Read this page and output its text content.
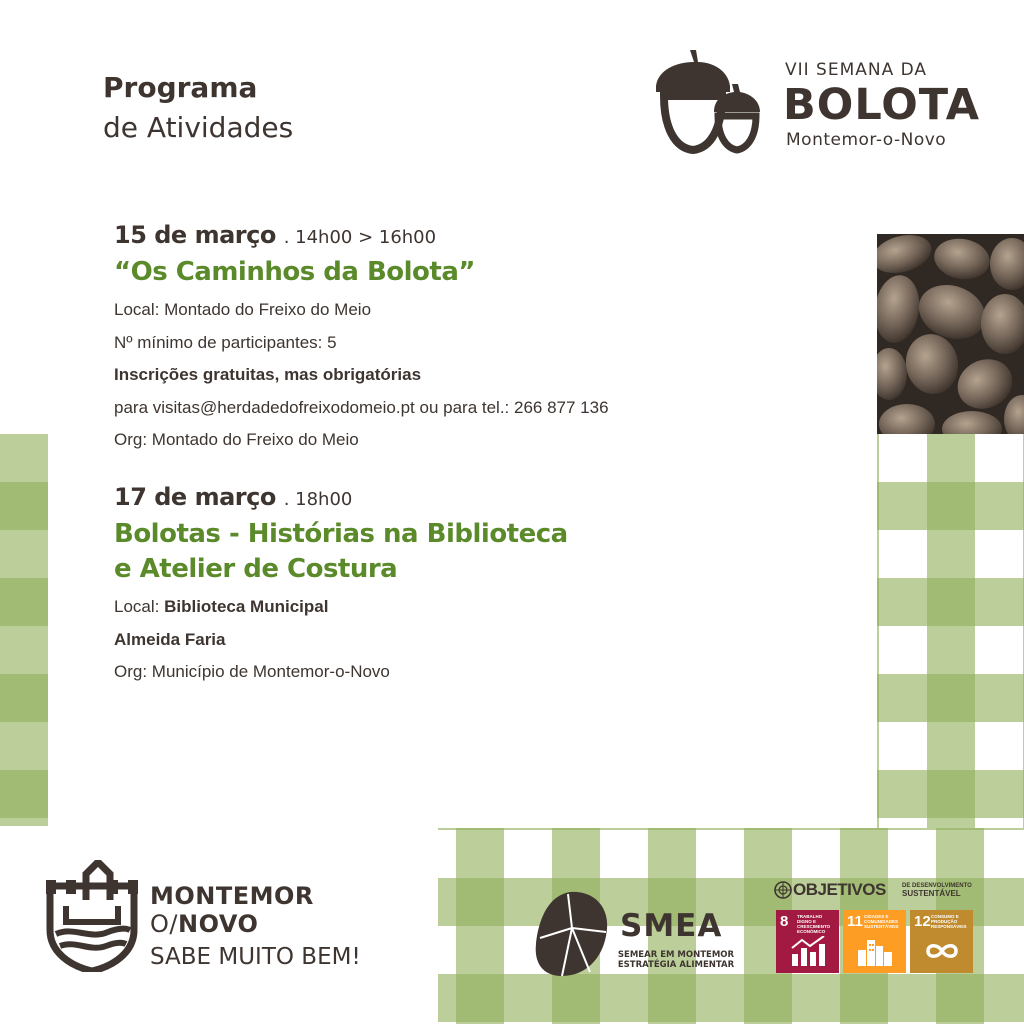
Programa
de Atividades
VII SEMANA DA
BOLOTA
Montemor-o-Novo
15 de março . 14h00 > 16h00
“Os Caminhos da Bolota”
Local: Montado do Freixo do Meio
Nº mínimo de participantes: 5
Inscrições gratuitas, mas obrigatórias
para visitas@herdadedofreixodomeio.pt ou para tel.: 266 877 136
Org: Montado do Freixo do Meio
17 de março . 18h00
Bolotas - Histórias na Biblioteca
e Atelier de Costura
Local: Biblioteca Municipal
Almeida Faria
Org: Município de Montemor-o-Novo
MONTEMOR
O/NOVO
SABE MUITO BEM!
SMEA
SEMEAR EM MONTEMOR
ESTRATÉGIA ALIMENTAR
OBJETIVOS	DE DESENVOLVIMENTO
SUSTENTÁVEL
8 TRABALHO DIGNO E CRESCIMENTO ECONÓMICO
11 CIDADES E COMUNIDADES SUSTENTÁVEIS	12 CONSUMO E PRODUÇÃO RESPONSÁVEIS
